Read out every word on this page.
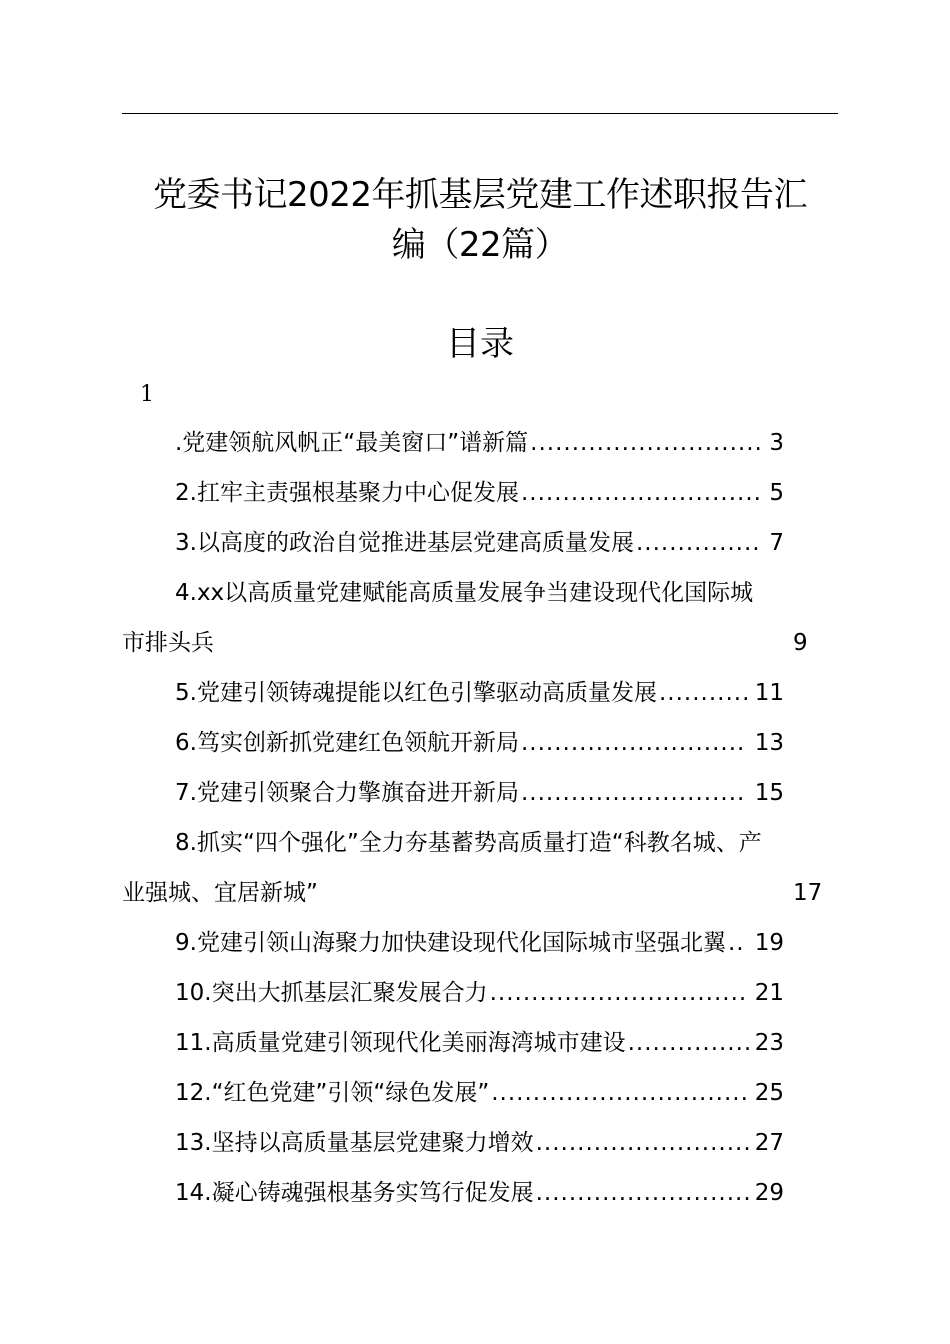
党委书记2022年抓基层党建工作述职报告汇
编（22篇）
目录
1
.党建领航风帆正“最美窗口”谱新篇	3
............................
2.扛牢主责强根基聚力中心促发展	5
.............................
3.以高度的政治自觉推进基层党建高质量发展	7
...............
4.xx以高质量党建赋能高质量发展争当建设现代化国际城
市排头兵	9
5.党建引领铸魂提能以红色引擎驱动高质量发展	11
...........
6.笃实创新抓党建红色领航开新局	13
...........................
7.党建引领聚合力擎旗奋进开新局	15
...........................
8.抓实“四个强化”全力夯基蓄势高质量打造“科教名城、产
业强城、宜居新城”	17
9.党建引领山海聚力加快建设现代化国际城市坚强北翼 19
..
10.突出大抓基层汇聚发展合力	21
...............................
11.高质量党建引领现代化美丽海湾城市建设	23
...............
12.“红色党建”引领“绿色发展”	25
...............................
13.坚持以高质量基层党建聚力增效	27
..........................
14.凝心铸魂强根基务实笃行促发展	29
..........................
